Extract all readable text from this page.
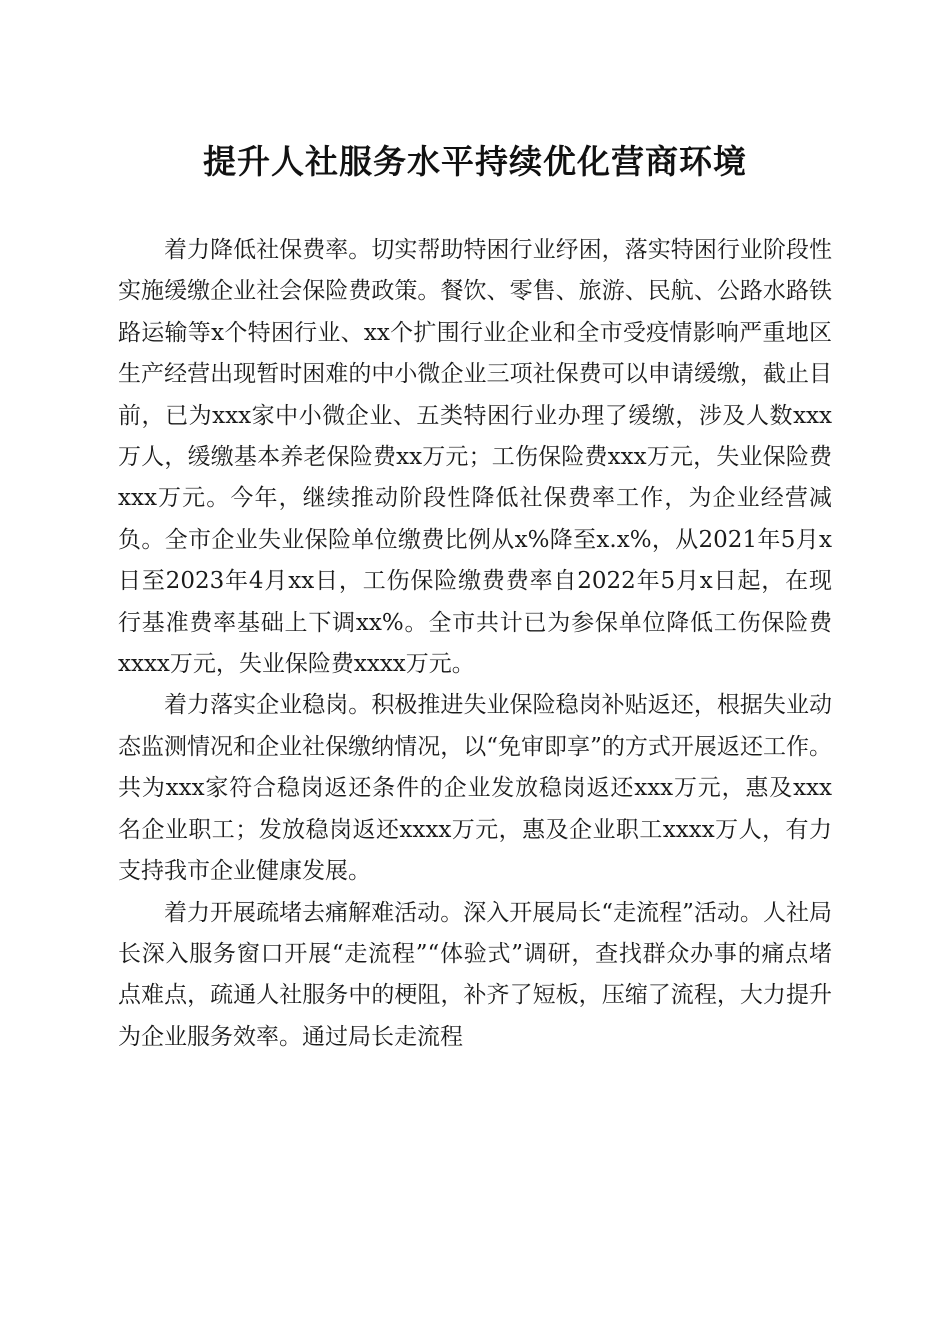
提升人社服务水平持续优化营商环境

着力降低社保费率。切实帮助特困行业纾困，落实特困行业阶段性实施缓缴企业社会保险费政策。餐饮、零售、旅游、民航、公路水路铁路运输等x个特困行业、xx个扩围行业企业和全市受疫情影响严重地区生产经营出现暂时困难的中小微企业三项社保费可以申请缓缴，截止目前，已为xxx家中小微企业、五类特困行业办理了缓缴，涉及人数xxx万人，缓缴基本养老保险费xx万元；工伤保险费xxx万元，失业保险费xxx万元。今年，继续推动阶段性降低社保费率工作，为企业经营减负。全市企业失业保险单位缴费比例从x%降至x.x%，从2021年5月x日至2023年4月xx日，工伤保险缴费费率自2022年5月x日起，在现行基准费率基础上下调xx%。全市共计已为参保单位降低工伤保险费xxxx万元，失业保险费xxxx万元。

着力落实企业稳岗。积极推进失业保险稳岗补贴返还，根据失业动态监测情况和企业社保缴纳情况，以“免审即享”的方式开展返还工作。共为xxx家符合稳岗返还条件的企业发放稳岗返还xxx万元，惠及xxx名企业职工；发放稳岗返还xxxx万元，惠及企业职工xxxx万人，有力支持我市企业健康发展。

着力开展疏堵去痛解难活动。深入开展局长“走流程”活动。人社局长深入服务窗口开展“走流程”“体验式”调研，查找群众办事的痛点堵点难点，疏通人社服务中的梗阻，补齐了短板，压缩了流程，大力提升为企业服务效率。通过局长走流程
